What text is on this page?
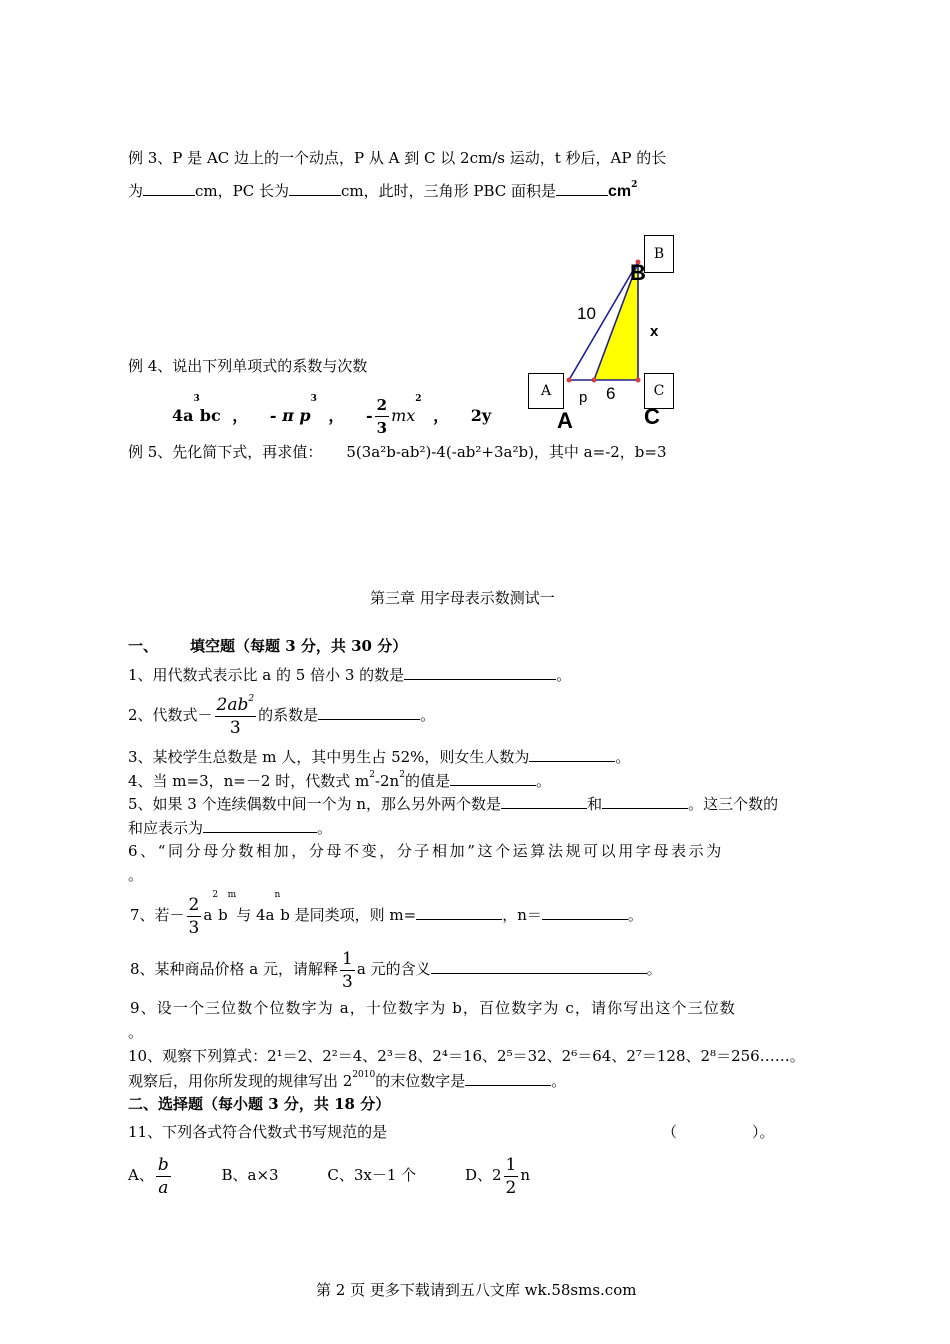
例 3、P 是 AC 边上的一个动点，P 从 A 到 C 以 2cm/s 运动，t 秒后，AP 的长
为	cm，PC 长为	cm，此时，三角形 PBC 面积是	$cm^2$
B
B
10
x
A	C
p 6
A	C
例 4、说出下列单项式的系数与次数
$4a^3bc$ ， - π $p^3$ ， - $\frac{2}{3} mx^2$ ， 2y
例 5、先化简下式，再求值： 5(3a²b-ab²)-4(-ab²+3a²b)，其中 a=-2，b=3
第三章 用字母表示数测试一
一、 填空题（每题 3 分，共 30 分）
1、用代数式表示比 a 的 5 倍小 3 的数是	。
2、代数式－ $\frac{2ab^2}{3}$ 的系数是	。
3、某校学生总数是 m 人，其中男生占 52%，则女生人数为	。
4、当 m=3，n=－2 时，代数式 $m^2-2n^2$的值是	。
5、如果 3 个连续偶数中间一个为 n，那么另外两个数是	和	。这三个数的
和应表示为	。
6、“同分母分数相加，分母不变，分子相加”这个运算法规可以用字母表示为
。
7、若－ $\frac{2}{3} a^2b^m$与 $4a^nb$ 是同类项，则 m=	，n＝	。
8、某种商品价格 a 元，请解释 $\frac{1}{3}$ a 元的含义	。
9、设一个三位数个位数字为 a，十位数字为 b，百位数字为 c，请你写出这个三位数
。
10、观察下列算式：2¹＝2、2²＝4、2³＝8、2⁴＝16、2⁵＝32、2⁶＝64、2⁷＝128、2⁸＝256……。
观察后，用你所发现的规律写出 $2^{2010}$的末位数字是	。
二、选择题（每小题 3 分，共 18 分）
11、下列各式符合代数式书写规范的是	（　　　　　）。
A、 $\frac{b}{a}$	B、a×3	C、3x－1 个	D、$2 \frac{1}{2}$ n
第 2 页 更多下载请到五八文库 wk.58sms.com
